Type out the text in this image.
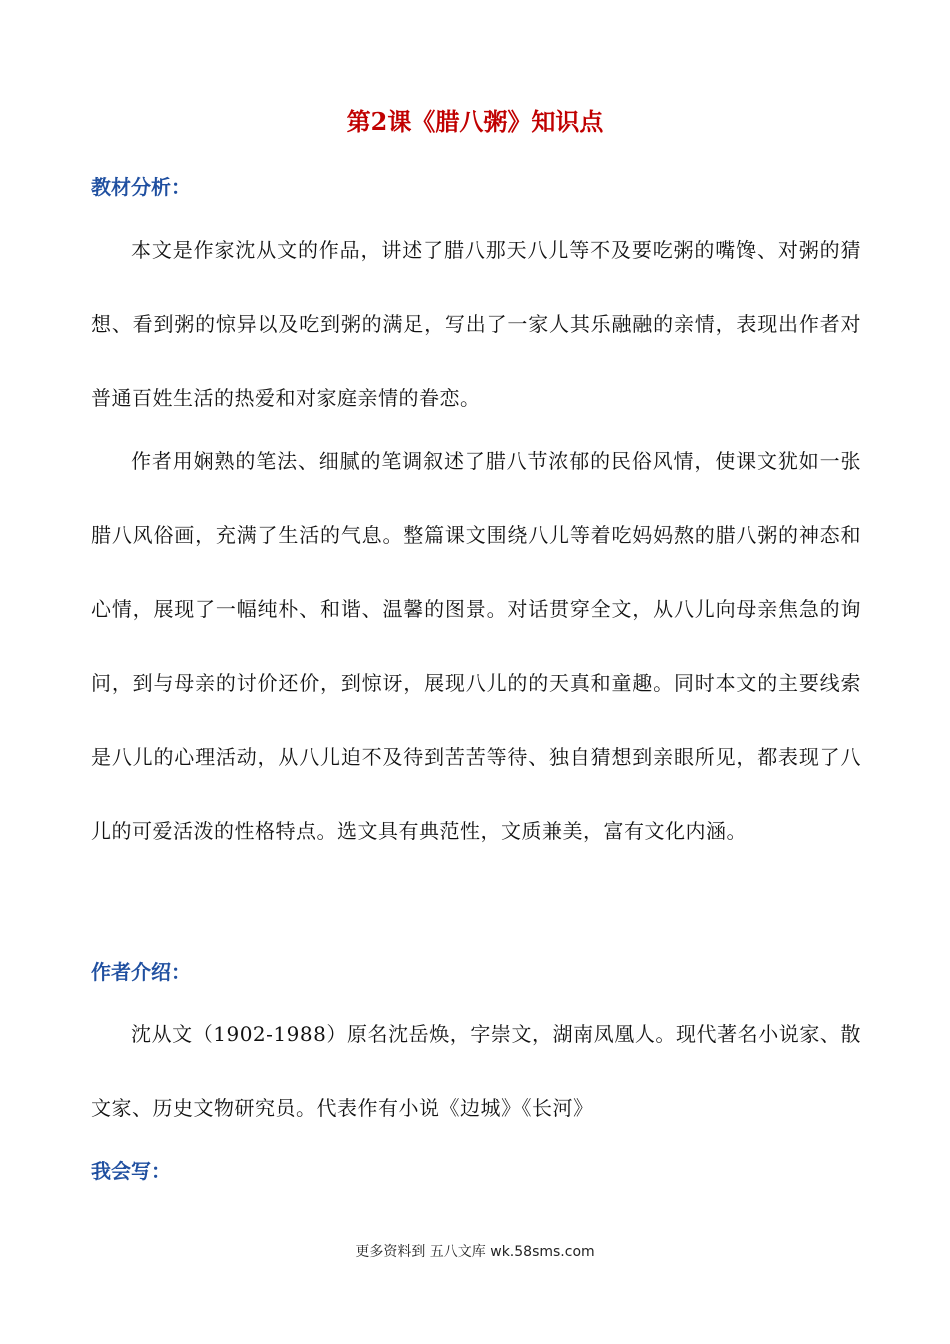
第2课《腊八粥》知识点
教材分析：

本文是作家沈从文的作品，讲述了腊八那天八儿等不及要吃粥的嘴馋、对粥的猜想、看到粥的惊异以及吃到粥的满足，写出了一家人其乐融融的亲情，表现出作者对普通百姓生活的热爱和对家庭亲情的眷恋。

作者用娴熟的笔法、细腻的笔调叙述了腊八节浓郁的民俗风情，使课文犹如一张腊八风俗画，充满了生活的气息。整篇课文围绕八儿等着吃妈妈熬的腊八粥的神态和心情，展现了一幅纯朴、和谐、温馨的图景。对话贯穿全文，从八儿向母亲焦急的询问，到与母亲的讨价还价，到惊讶，展现八儿的的天真和童趣。同时本文的主要线索是八儿的心理活动，从八儿迫不及待到苦苦等待、独自猜想到亲眼所见，都表现了八儿的可爱活泼的性格特点。选文具有典范性，文质兼美，富有文化内涵。

作者介绍：

沈从文（1902-1988）原名沈岳焕，字崇文，湖南凤凰人。现代著名小说家、散文家、历史文物研究员。代表作有小说《边城》《长河》

我会写：
更多资料到 五八文库 wk.58sms.com
